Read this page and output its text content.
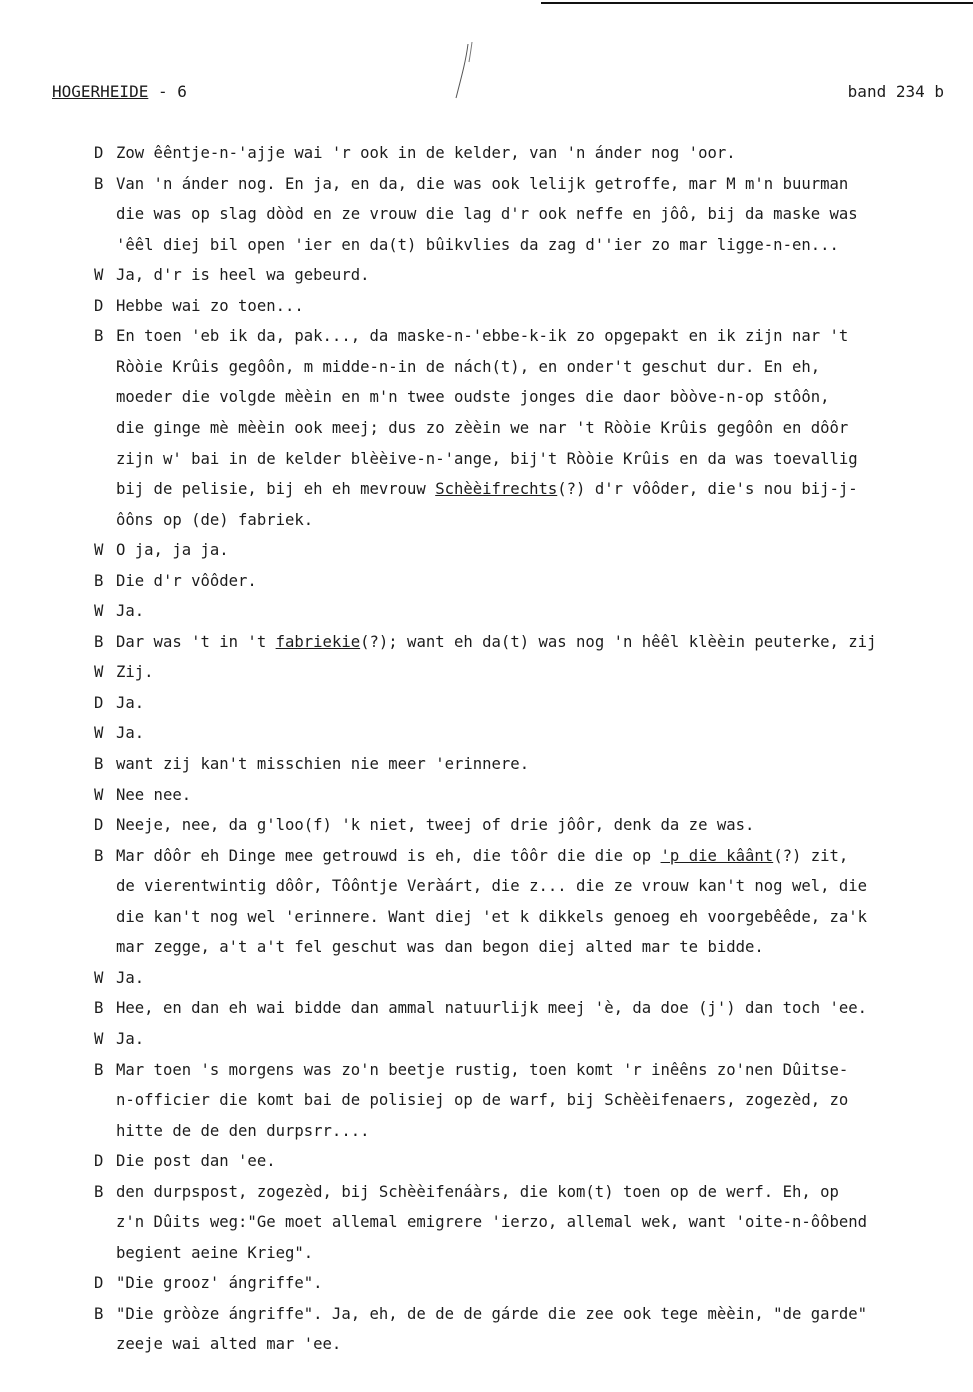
HOGERHEIDE - 6	band 234 b
D Zow êêntje-n-'ajje wai 'r ook in de kelder, van 'n ánder nog 'oor.
B Van 'n ánder nog. En ja, en da, die was ook lelijk getroffe, mar M m'n buurman
die was op slag dòòd en ze vrouw die lag d'r ook neffe en jôô, bij da maske was
'êêl diej bil open 'ier en da(t) bûikvlies da zag d''ier zo mar ligge-n-en...
W Ja, d'r is heel wa gebeurd.
D Hebbe wai zo toen...
B En toen 'eb ik da, pak..., da maske-n-'ebbe-k-ik zo opgepakt en ik zijn nar 't
Ròòie Krûis gegôôn, m midde-n-in de nách(t), en onder't geschut dur. En eh,
moeder die volgde mèèin en m'n twee oudste jonges die daor bòòve-n-op stôôn,
die ginge mè mèèin ook meej; dus zo zèèin we nar 't Ròòie Krûis gegôôn en dôôr
zijn w' bai in de kelder blèèive-n-'ange, bij't Ròòie Krûis en da was toevallig
bij de pelisie, bij eh eh mevrouw Schèèifrechts(?) d'r vôôder, die's nou bij-j-
ôôns op (de) fabriek.
W O ja, ja ja.
B Die d'r vôôder.
W Ja.
B Dar was 't in 't fabriekie(?); want eh da(t) was nog 'n hêêl klèèin peuterke, zij
W Zij.
D Ja.
W Ja.
B want zij kan't misschien nie meer 'erinnere.
W Nee nee.
D Neeje, nee, da g'loo(f) 'k niet, tweej of drie jôôr, denk da ze was.
B Mar dôôr eh Dinge mee getrouwd is eh, die tôôr die die op 'p die kâânt(?) zit,
de vierentwintig dôôr, Tôôntje Veràárt, die z... die ze vrouw kan't nog wel, die
die kan't nog wel 'erinnere. Want diej 'et k dikkels genoeg eh voorgebêêde, za'k
mar zegge, a't a't fel geschut was dan begon diej alted mar te bidde.
W Ja.
B Hee, en dan eh wai bidde dan ammal natuurlijk meej 'è, da doe (j') dan toch 'ee.
W Ja.
B Mar toen 's morgens was zo'n beetje rustig, toen komt 'r inêêns zo'nen Dûitse-
n-officier die komt bai de polisiej op de warf, bij Schèèifenaers, zogezèd, zo
hitte de de den durpsrr....
D Die post dan 'ee.
B den durpspost, zogezèd, bij Schèèifenáàrs, die kom(t) toen op de werf. Eh, op
z'n Dûits weg:"Ge moet allemal emigrere 'ierzo, allemal wek, want 'oite-n-ôôbend
begient aeine Krieg".
D "Die grooz' ángriffe".
B "Die gròòze ángriffe". Ja, eh, de de de gárde die zee ook tege mèèin, "de garde"
zeeje wai alted mar 'ee.
